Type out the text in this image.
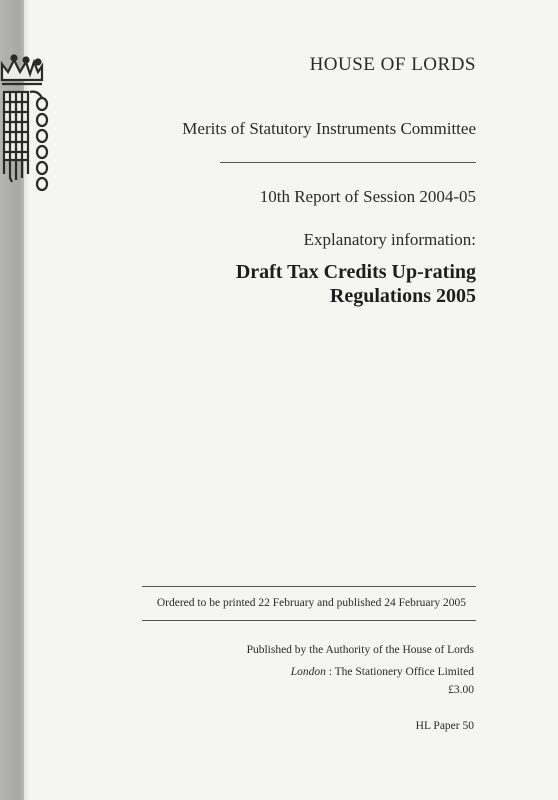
HOUSE OF LORDS
Merits of Statutory Instruments Committee
10th Report of Session 2004-05
Explanatory information:
Draft Tax Credits Up-rating
Regulations 2005
Ordered to be printed 22 February and published 24 February 2005
Published by the Authority of the House of Lords
London : The Stationery Office Limited
£3.00
HL Paper 50
